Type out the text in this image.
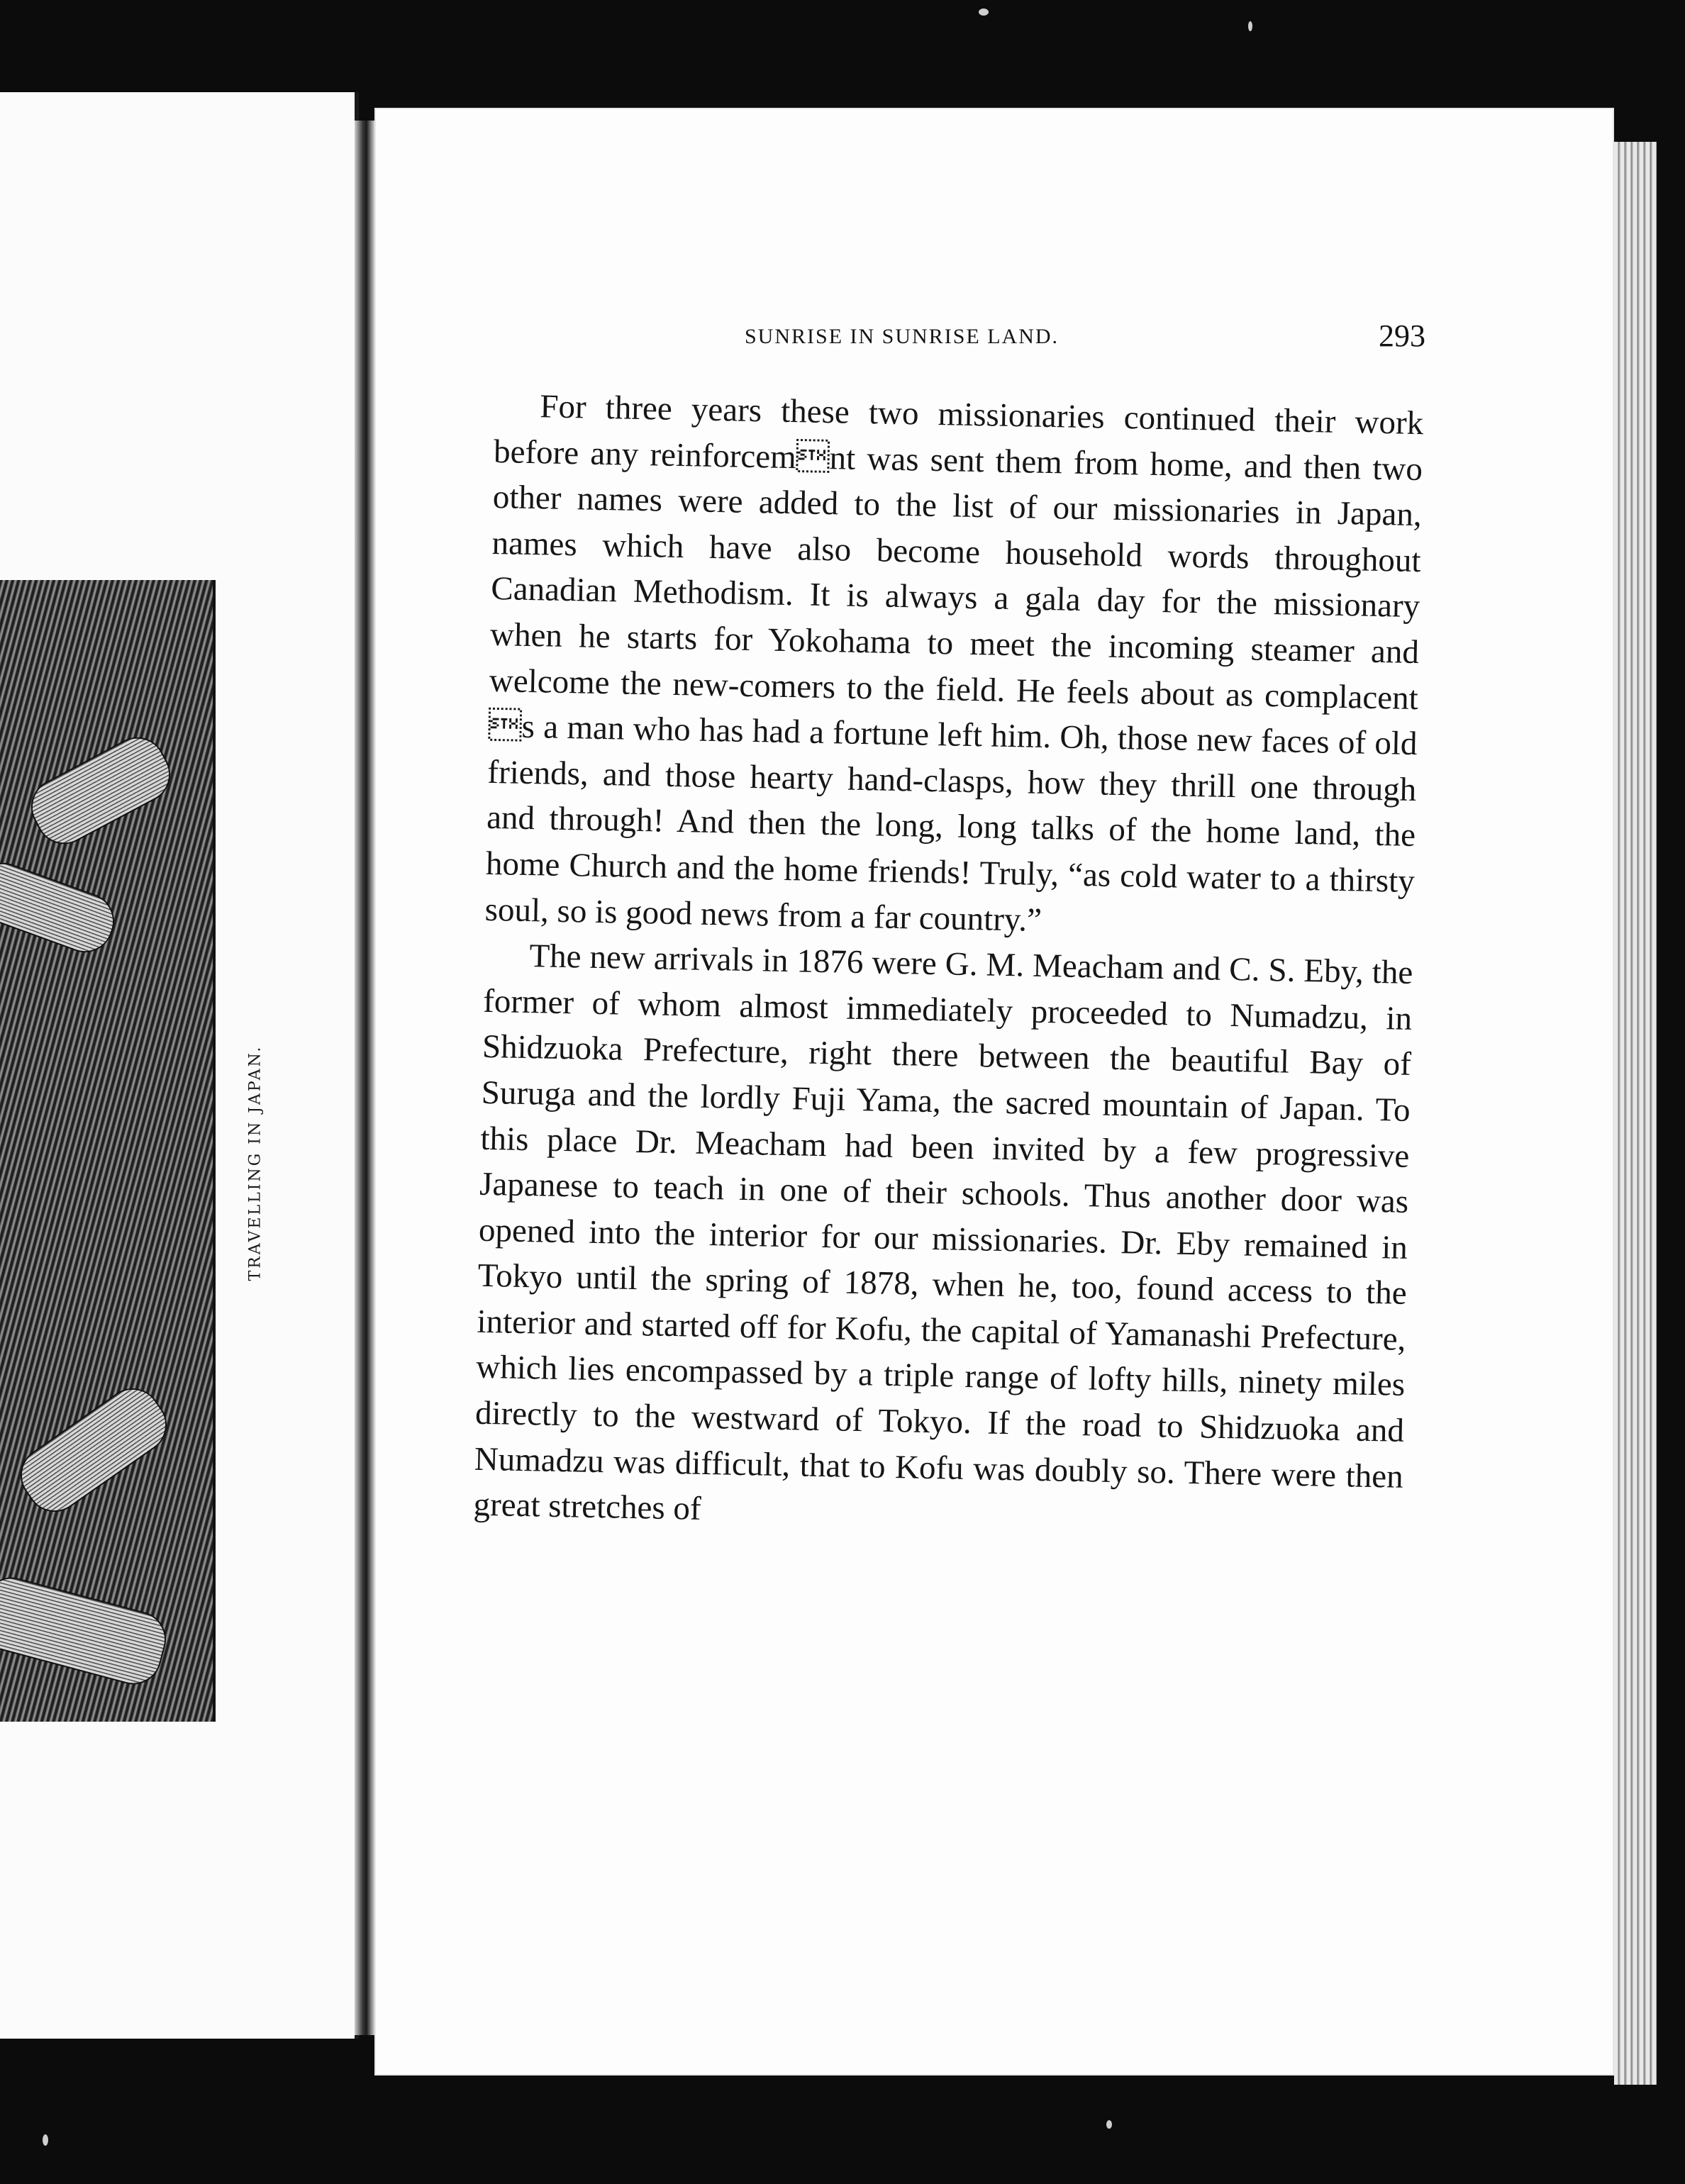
TRAVELLING IN JAPAN.
SUNRISE IN SUNRISE LAND.	293

For three years these two missionaries continued their work before any reinforcemnt was sent them from home, and then two other names were added to the list of our missionaries in Japan, names which have also become household words throughout Canadian Methodism. It is always a gala day for the missionary when he starts for Yokohama to meet the incoming steamer and welcome the new-comers to the field. He feels about as complacent s a man who has had a fortune left him. Oh, those new faces of old friends, and those hearty hand-clasps, how they thrill one through and through! And then the long, long talks of the home land, the home Church and the home friends! Truly, “as cold water to a thirsty soul, so is good news from a far country.”

The new arrivals in 1876 were G. M. Meacham and C. S. Eby, the former of whom almost immediately proceeded to Numadzu, in Shidzuoka Prefecture, right there between the beautiful Bay of Suruga and the lordly Fuji Yama, the sacred mountain of Japan. To this place Dr. Meacham had been invited by a few progressive Japanese to teach in one of their schools. Thus another door was opened into the interior for our missionaries. Dr. Eby remained in Tokyo until the spring of 1878, when he, too, found access to the interior and started off for Kofu, the capital of Yamanashi Prefecture, which lies encompassed by a triple range of lofty hills, ninety miles directly to the westward of Tokyo. If the road to Shidzuoka and Numadzu was difficult, that to Kofu was doubly so. There were then great stretches of
